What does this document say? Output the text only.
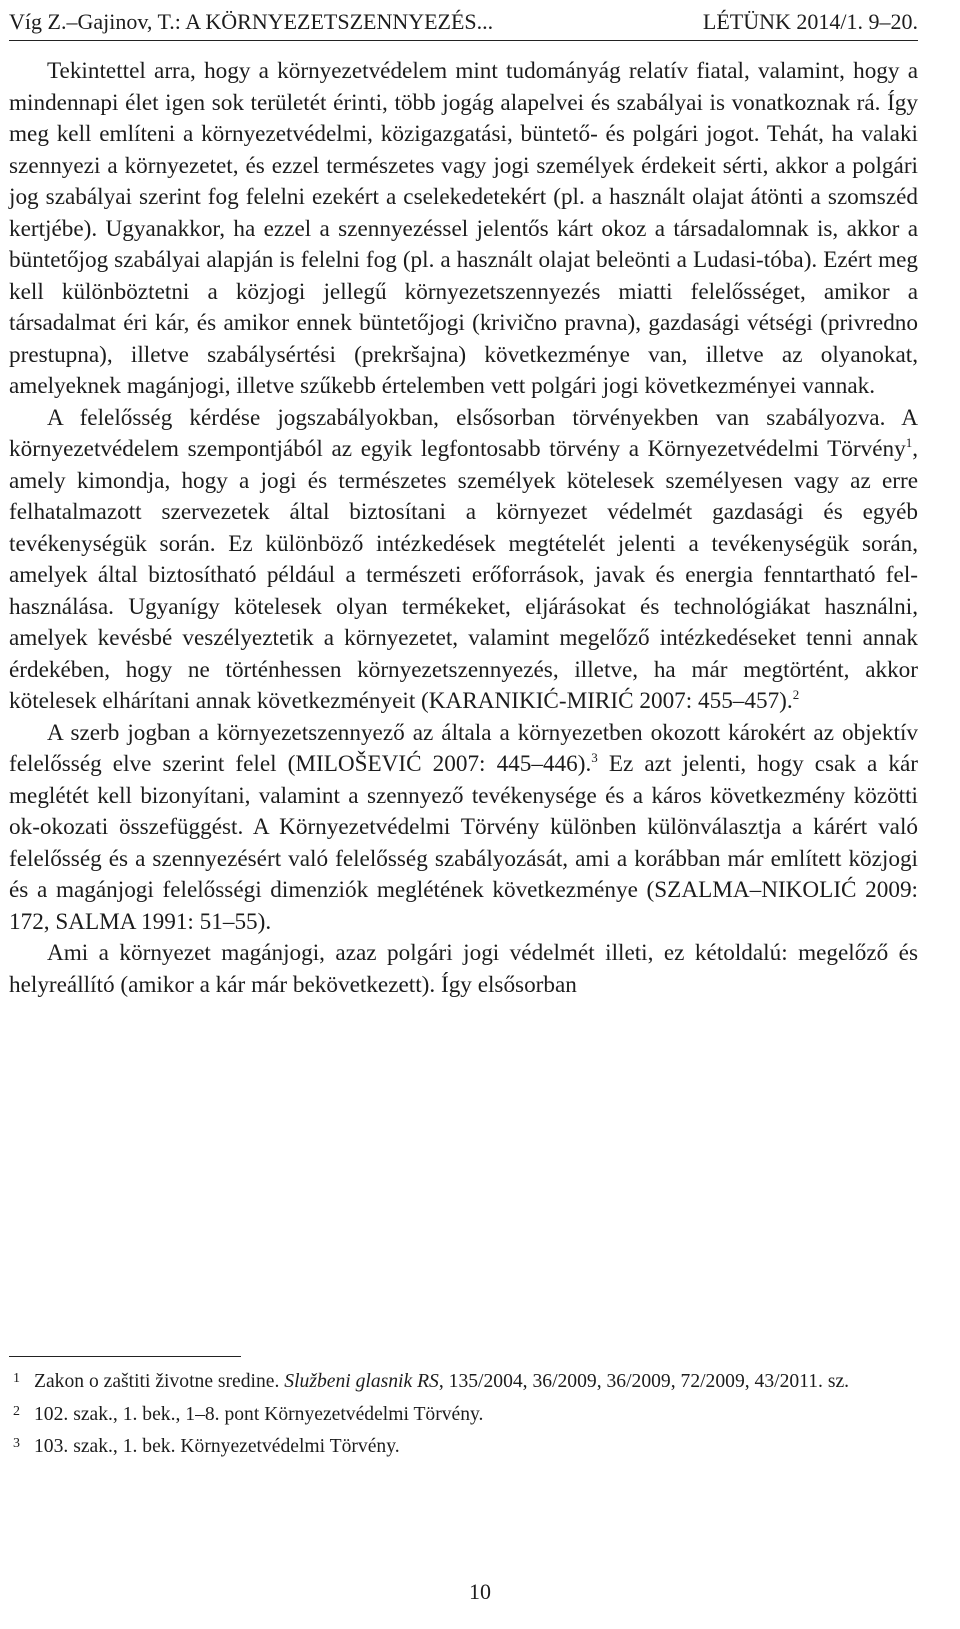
Víg Z.–Gajinov, T.: A KÖRNYEZETSZENNYEZÉS...	LÉTÜNK 2014/1. 9–20.

Tekintettel arra, hogy a környezetvédelem mint tudományág relatív fiatal, valamint, hogy a mindennapi élet igen sok területét érinti, több jogág alapelvei és szabályai is vonatkoznak rá. Így meg kell említeni a környezetvédelmi, közigazgatási, büntető- és polgári jogot. Tehát, ha valaki szennyezi a környezetet, és ezzel természetes vagy jogi személyek érdekeit sérti, akkor a polgári jog szabályai szerint fog felelni ezekért a cselekedetekért (pl. a használt olajat átönti a szomszéd kertjébe). Ugyanakkor, ha ezzel a szennyezéssel jelentős kárt okoz a társadalomnak is, akkor a büntetőjog szabályai alapján is felelni fog (pl. a használt olajat beleönti a Ludasi-tóba). Ezért meg kell különböztetni a közjogi jellegű környezetszennyezés miatti felelősséget, amikor a társadalmat éri kár, és amikor ennek büntetőjogi (krivično pravna), gazdasági vétségi (privredno prestupna), illetve szabálysértési (prekršajna) következménye van, illetve az olyanokat, amelyeknek magánjogi, illetve szűkebb értelemben vett polgári jogi következményei vannak.

A felelősség kérdése jogszabályokban, elsősorban törvényekben van szabályozva. A környezetvédelem szempontjából az egyik legfontosabb törvény a Környezetvédelmi Törvény$^1$, amely kimondja, hogy a jogi és természetes személyek kötelesek személyesen vagy az erre felhatalmazott szervezetek által biztosítani a környezet védelmét gazdasági és egyéb tevékenységük során. Ez különböző intézkedések megtételét jelenti a tevékenységük során, amelyek által biztosítható például a természeti erőforrások, javak és energia fenntartható felhasználása. Ugyanígy kötelesek olyan termékeket, eljárásokat és technológiákat használni, amelyek kevésbé veszélyeztetik a környezetet, valamint megelőző intézkedéseket tenni annak érdekében, hogy ne történhessen környezetszennyezés, illetve, ha már megtörtént, akkor kötelesek elhárítani annak következményeit (KARANIKIĆ-MIRIĆ 2007: 455–457).$^2$

A szerb jogban a környezetszennyező az általa a környezetben okozott károkért az objektív felelősség elve szerint felel (MILOŠEVIĆ 2007: 445–446).$^3$ Ez azt jelenti, hogy csak a kár meglétét kell bizonyítani, valamint a szennyező tevékenysége és a káros következmény közötti ok-okozati összefüggést. A Környezetvédelmi Törvény különben különválasztja a kárért való felelősség és a szennyezésért való felelősség szabályozását, ami a korábban már említett közjogi és a magánjogi felelősségi dimenziók meglétének következménye (SZALMA–NIKOLIĆ 2009: 172, SALMA 1991: 51–55).

Ami a környezet magánjogi, azaz polgári jogi védelmét illeti, ez kétoldalú: megelőző és helyreállító (amikor a kár már bekövetkezett). Így elsősorban

1 Zakon o zaštiti životne sredine. Službeni glasnik RS, 135/2004, 36/2009, 36/2009, 72/2009, 43/2011. sz.
2 102. szak., 1. bek., 1–8. pont Környezetvédelmi Törvény.
3 103. szak., 1. bek. Környezetvédelmi Törvény.
10
